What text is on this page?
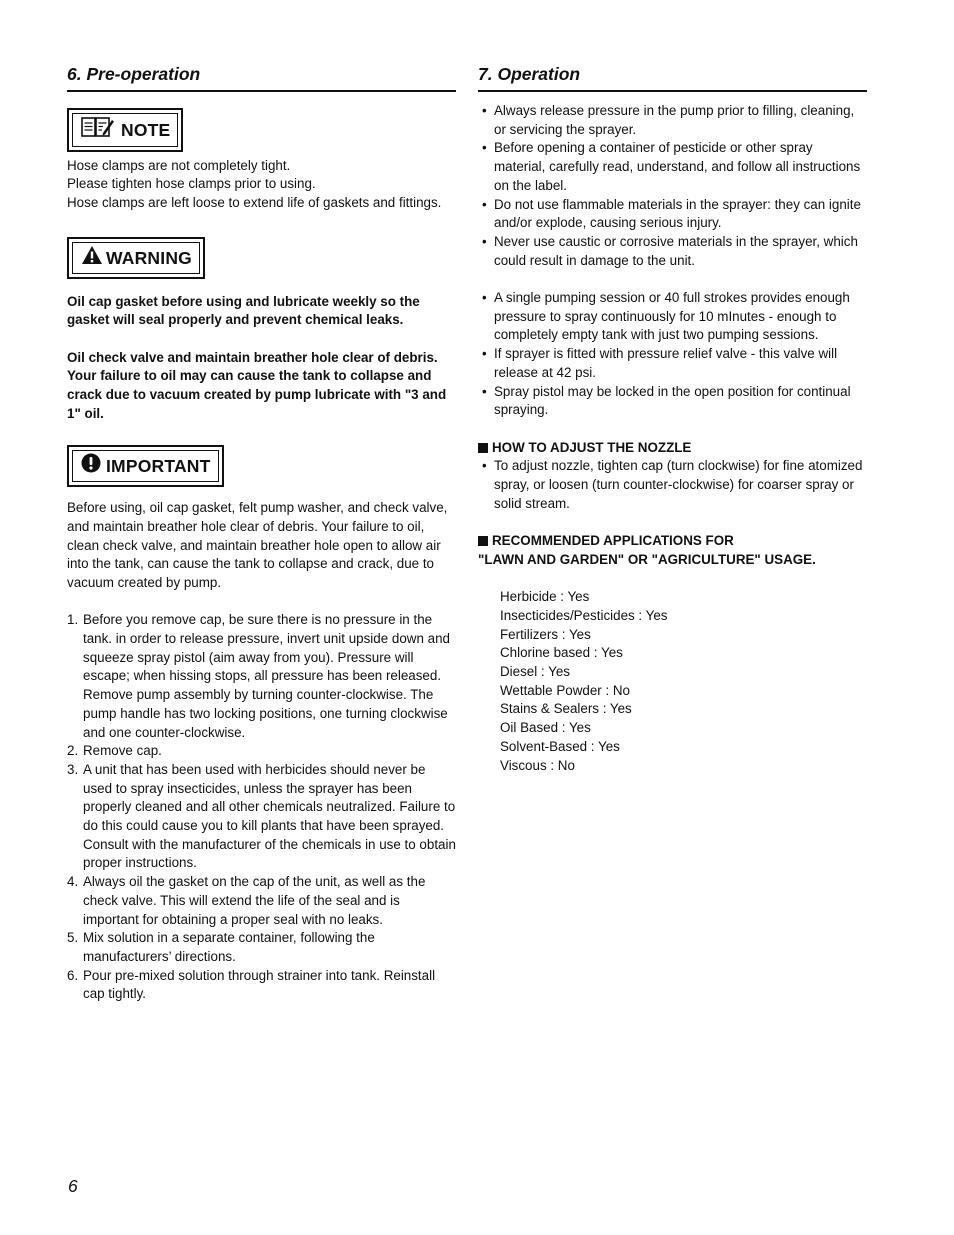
6. Pre-operation
NOTE
Hose clamps are not completely tight.
Please tighten hose clamps prior to using.
Hose clamps are left loose to extend life of gaskets and fittings.
WARNING
Oil cap gasket before using and lubricate weekly so the gasket will seal properly and prevent chemical leaks.
Oil check valve and maintain breather hole clear of debris. Your failure to oil may can cause the tank to collapse and crack due to vacuum created by pump lubricate with "3 and 1" oil.
IMPORTANT
Before using, oil cap gasket, felt pump washer, and check valve, and maintain breather hole clear of debris. Your failure to oil, clean check valve, and maintain breather hole open to allow air into the tank, can cause the tank to collapse and crack, due to vacuum created by pump.
1. Before you remove cap, be sure there is no pressure in the tank. in order to release pressure, invert unit upside down and squeeze spray pistol (aim away from you). Pressure will escape; when hissing stops, all pressure has been released. Remove pump assembly by turning counter-clockwise. The pump handle has two locking positions, one turning clockwise and one counter-clockwise.
2. Remove cap.
3. A unit that has been used with herbicides should never be used to spray insecticides, unless the sprayer has been properly cleaned and all other chemicals neutralized. Failure to do this could cause you to kill plants that have been sprayed. Consult with the manufacturer of the chemicals in use to obtain proper instructions.
4. Always oil the gasket on the cap of the unit, as well as the check valve. This will extend the life of the seal and is important for obtaining a proper seal with no leaks.
5. Mix solution in a separate container, following the manufacturers’ directions.
6. Pour pre-mixed solution through strainer into tank. Reinstall cap tightly.
7. Operation
• Always release pressure in the pump prior to filling, cleaning, or servicing the sprayer.
• Before opening a container of pesticide or other spray material, carefully read, understand, and follow all instructions on the label.
• Do not use flammable materials in the sprayer: they can ignite and/or explode, causing serious injury.
• Never use caustic or corrosive materials in the sprayer, which could result in damage to the unit.
• A single pumping session or 40 full strokes provides enough pressure to spray continuously for 10 mInutes - enough to completely empty tank with just two pumping sessions.
• If sprayer is fitted with pressure relief valve - this valve will release at 42 psi.
• Spray pistol may be locked in the open position for continual spraying.
HOW TO ADJUST THE NOZZLE
• To adjust nozzle, tighten cap (turn clockwise) for fine atomized spray, or loosen (turn counter-clockwise) for coarser spray or solid stream.
RECOMMENDED APPLICATIONS FOR
"LAWN AND GARDEN" OR "AGRICULTURE" USAGE.
Herbicide : Yes
Insecticides/Pesticides : Yes
Fertilizers : Yes
Chlorine based : Yes
Diesel : Yes
Wettable Powder : No
Stains & Sealers : Yes
Oil Based : Yes
Solvent-Based : Yes
Viscous : No
6
